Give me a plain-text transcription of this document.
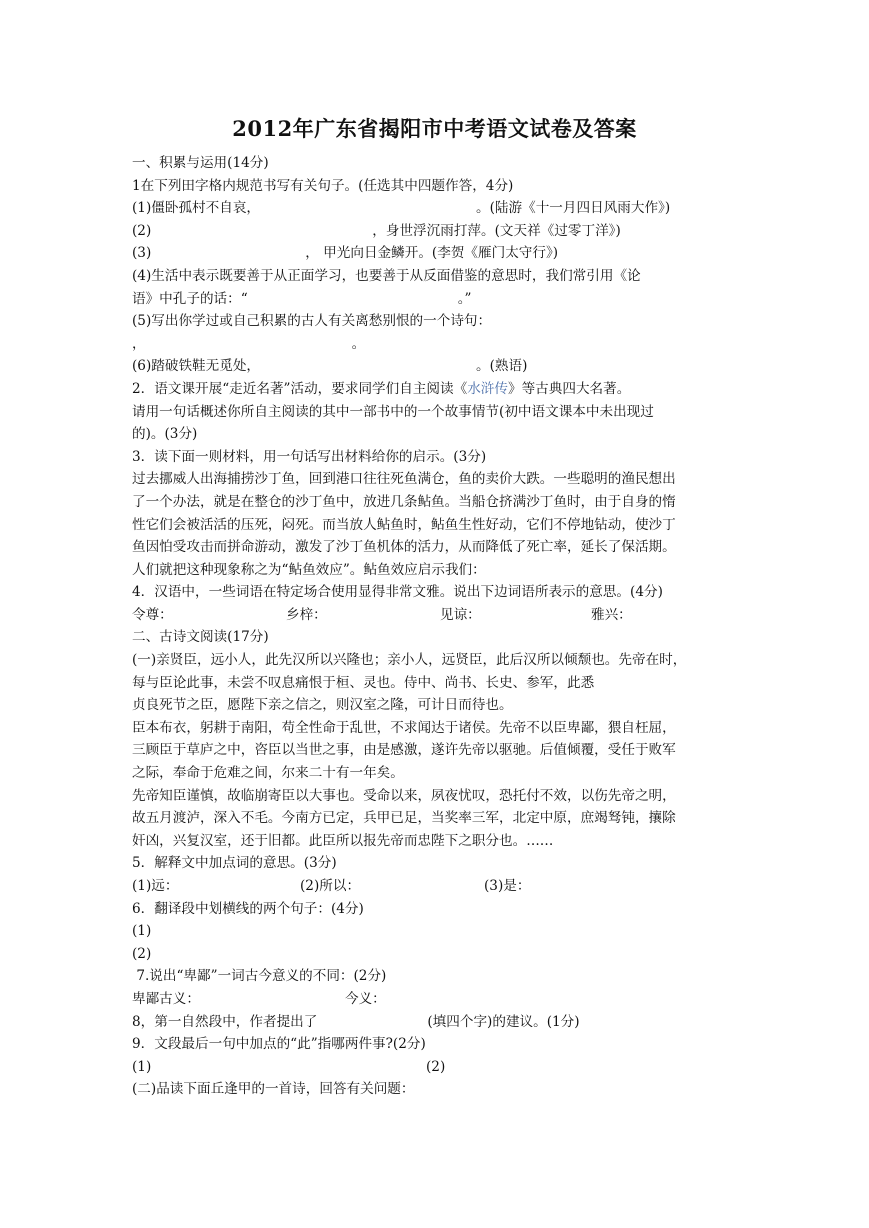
2012年广东省揭阳市中考语文试卷及答案
一、积累与运用(14分)
1在下列田字格内规范书写有关句子。(任选其中四题作答，4分)
(1)僵卧孤村不自哀，	。(陆游《十一月四日风雨大作》)
(2)	，身世浮沉雨打萍。(文天祥《过零丁洋》)
(3)	， 甲光向日金鳞开。(李贺《雁门太守行》)
(4)生活中表示既要善于从正面学习，也要善于从反面借鉴的意思时，我们常引用《论
语》中孔子的话：“	。”
(5)写出你学过或自己积累的古人有关离愁别恨的一个诗句：
，	。
(6)踏破铁鞋无觅处，	。(熟语)
2．语文课开展“走近名著”活动，要求同学们自主阅读《水浒传》等古典四大名著。
请用一句话概述你所自主阅读的其中一部书中的一个故事情节(初中语文课本中未出现过
的)。(3分)
3．读下面一则材料，用一句话写出材料给你的启示。(3分)
过去挪威人出海捕捞沙丁鱼，回到港口往往死鱼满仓，鱼的卖价大跌。一些聪明的渔民想出
了一个办法，就是在整仓的沙丁鱼中，放进几条鲇鱼。当船仓挤满沙丁鱼时，由于自身的惰
性它们会被活活的压死，闷死。而当放人鲇鱼时，鲇鱼生性好动，它们不停地钻动，使沙丁
鱼因怕受攻击而拼命游动，激发了沙丁鱼机体的活力，从而降低了死亡率，延长了保活期。
人们就把这种现象称之为“鲇鱼效应”。鲇鱼效应启示我们：
4．汉语中，一些词语在特定场合使用显得非常文雅。说出下边词语所表示的意思。(4分)
令尊：	乡梓：	见谅：	雅兴：
二、古诗文阅读(17分)
(一)亲贤臣，远小人，此先汉所以兴隆也；亲小人，远贤臣，此后汉所以倾颓也。先帝在时，
每与臣论此事，未尝不叹息痛恨于桓、灵也。侍中、尚书、长史、参军，此悉
贞良死节之臣，愿陛下亲之信之，则汉室之隆，可计日而待也。
臣本布衣，躬耕于南阳，苟全性命于乱世，不求闻达于诸侯。先帝不以臣卑鄙，猥自枉屈，
三顾臣于草庐之中，咨臣以当世之事，由是感激，遂许先帝以驱驰。后值倾覆，受任于败军
之际，奉命于危难之间，尔来二十有一年矣。
先帝知臣谨慎，故临崩寄臣以大事也。受命以来，夙夜忧叹，恐托付不效，以伤先帝之明，
故五月渡泸，深入不毛。今南方已定，兵甲已足，当奖率三军，北定中原，庶竭驽钝，攘除
奸凶，兴复汉室，还于旧都。此臣所以报先帝而忠陛下之职分也。……
5．解释文中加点词的意思。(3分)
(1)远：	(2)所以：	(3)是：
6．翻译段中划横线的两个句子：(4分)
(1)
(2)
7.说出“卑鄙”一词古今意义的不同：(2分)
卑鄙古义：	今义：
8，第一自然段中，作者提出了	(填四个字)的建议。(1分)
9．文段最后一句中加点的“此”指哪两件事?(2分)
(1)	(2)
(二)品读下面丘逢甲的一首诗，回答有关问题：
